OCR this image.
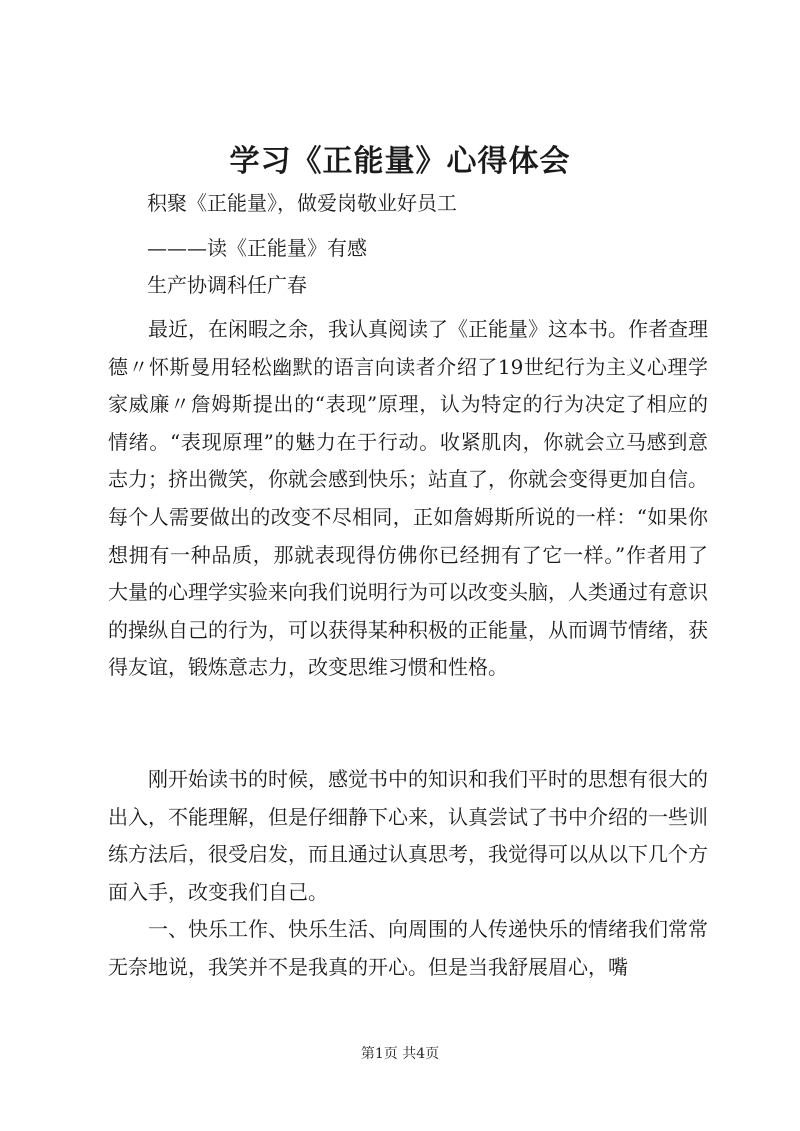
学习《正能量》心得体会
积聚《正能量》，做爱岗敬业好员工
———读《正能量》有感
生产协调科任广春

最近，在闲暇之余，我认真阅读了《正能量》这本书。作者查理德〃怀斯曼用轻松幽默的语言向读者介绍了19世纪行为主义心理学家威廉〃詹姆斯提出的“表现”原理，认为特定的行为决定了相应的情绪。“表现原理”的魅力在于行动。收紧肌肉，你就会立马感到意志力；挤出微笑，你就会感到快乐；站直了，你就会变得更加自信。每个人需要做出的改变不尽相同，正如詹姆斯所说的一样：“如果你想拥有一种品质，那就表现得仿佛你已经拥有了它一样。”作者用了大量的心理学实验来向我们说明行为可以改变头脑，人类通过有意识的操纵自己的行为，可以获得某种积极的正能量，从而调节情绪，获得友谊，锻炼意志力，改变思维习惯和性格。

刚开始读书的时候，感觉书中的知识和我们平时的思想有很大的出入，不能理解，但是仔细静下心来，认真尝试了书中介绍的一些训练方法后，很受启发，而且通过认真思考，我觉得可以从以下几个方面入手，改变我们自己。

一、快乐工作、快乐生活、向周围的人传递快乐的情绪我们常常无奈地说，我笑并不是我真的开心。但是当我舒展眉心，嘴

第1页 共4页
